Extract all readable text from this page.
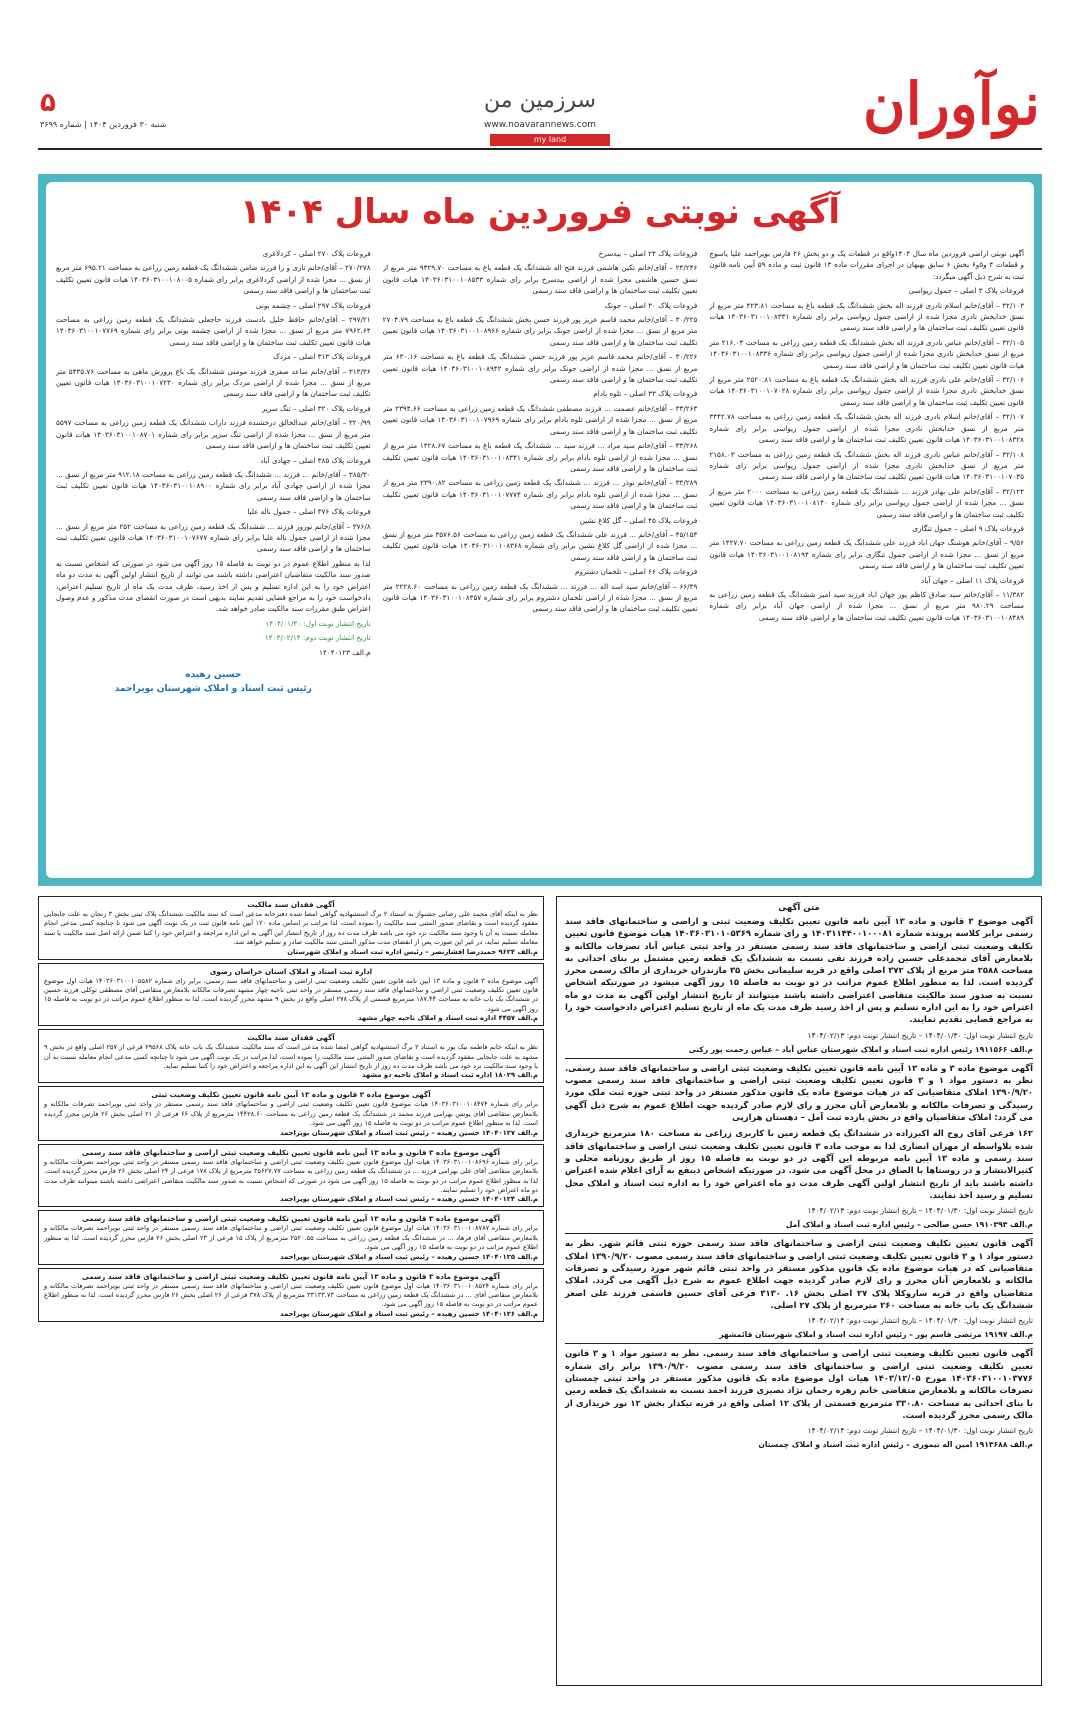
نوآوران
سرزمین من
www.noavarannews.com
my land
۵
شنبه ۳۰ فروردین ۱۴۰۴ | شماره ۳۶۹۹
آگهی نوبتی فروردین ماه سال ۱۴۰۴

آگهی نوبتی اراضی فروردین ماه سال ۱۴۰۴واقع در قطعات یک و دو بخش ۲۶ فارس بویراحمد علیا یاسوج و قطعات ۴ و۵و۶ بخش ۶ سابق بهبهان در اجرای مقررات ماده ۱۳ قانون ثبت و ماده ۵۹ آیین نامه قانون ثبت به شرح ذیل آگهی میگردد:

فروعات پلاک ۳ اصلی – جمول ریواسی

۳۲/۱۰۳ – آقای/خانم اسلام نادری فرزند اله بخش ششدانگ یک قطعه باغ به مساحت ۴۲۳.۸۱ متر مربع از نسق خدابخش نادری مجزا شده از اراضی جمول ریواسی برابر رای شماره ۱۴۰۳۶۰۳۱۰۰۱۰۸۳۳۱ هیات قانون تعیین تکلیف ثبت ساختمان ها و اراضی فاقد سند رسمی

۳۲/۱۰۵ – آقای/خانم عباس نادری فرزند اله بخش ششدانگ یک قطعه زمین زراعی به مساحت ۲۱۶.۰۴ متر مربع از نسق خدابخش نادری مجزا شده از اراضی جمول ریواسی برابر رای شماره ۱۴۰۳۶۰۳۱۰۰۱۰۸۳۳۶ هیات قانون تعیین تکلیف ثبت ساختمان ها و اراضی فاقد سند رسمی

۳۲/۱۰۶ – آقای/خانم علی نادری فرزند اله بخش ششدانگ یک قطعه باغ به مساحت ۲۵۲۰.۸۱ متر مربع از نسق خدابخش نادری مجزا شده از اراضی جمول ریواسی برابر رای شماره ۱۴۰۳۶۰۳۱۰۰۱۰۷۰۲۸ هیات قانون تعیین تکلیف ثبت ساختمان ها و اراضی فاقد سند رسمی

۳۲/۱۰۷ – آقای/خانم اسلام نادری فرزند اله بخش ششدانگ یک قطعه زمین زراعی به مساحت ۳۴۴۲.۷۸ متر مربع از نسق خدابخش نادری مجزا شده از اراضی جمول ریواسی برابر رای شماره ۱۴۰۳۶۰۳۱۰۰۱۰۸۳۲۸ هیات قانون تعیین تکلیف ثبت ساختمان ها و اراضی فاقد سند رسمی

۳۲/۱۰۸ – آقای/خانم عباس نادری فرزند اله بخش ششدانگ یک قطعه زمین زراعی به مساحت ۲۱۵۸.۰۳ متر مربع از نسق خدابخش نادری مجزا شده از اراضی جمول ریواسی برابر رای شماره ۱۴۰۳۶۰۳۱۰۰۱۰۷۰۳۵ هیات قانون تعیین تکلیف ثبت ساختمان ها و اراضی فاقد سند رسمی

۳۲/۱۲۴ – آقای/خانم علی بهادر فرزند ... ششدانگ یک قطعه زمین زراعی به مساحت ۲۰۰۰ متر مربع از نسق ... مجزا شده از اراضی جمول ریواسی برابر رای شماره ۱۴۰۳۶۰۳۱۰۰۱۰۸۱۴۰ هیات قانون تعیین تکلیف ثبت ساختمان ها و اراضی فاقد سند رسمی

فروعات پلاک ۹ اصلی – جمول تنگاری

۹/۵۶ – آقای/خانم هوشنگ جهان اباد فرزند علی ششدانگ یک قطعه زمین زراعی به مساحت ۱۴۲۷.۷۰ متر مربع از نسق ... مجزا شده از اراضی جمول تنگاری برابر رای شماره ۱۴۰۳۶۰۳۱۰۰۱۰۸۱۹۴ هیات قانون تعیین تکلیف ثبت ساختمان ها و اراضی فاقد سند رسمی

فروعات پلاک ۱۱ اصلی – جهان آباد

۱۱/۳۸۲ – آقای/خانم سید صادق کاظم پور جهان اباد فرزند سید امیر ششدانگ یک قطعه زمین زراعی به مساحت ۹۸۰.۲۹ متر مربع از نسق ... مجزا شده از اراضی جهان آباد برابر رای شماره ۱۴۰۳۶۰۳۱۰۰۱۰۸۴۸۹ هیات قانون تعیین تکلیف ثبت ساختمان ها و اراضی فاقد سند رسمی

فروعات پلاک ۲۴ اصلی – بیدسرخ

۲۴/۲۴۶ – آقای/خانم تکین هاشمی فرزند فتح اله ششدانگ یک قطعه باغ به مساحت ۹۴۲۹.۷۰ متر مربع از نسق حسین هاشمی مجزا شده از اراضی بیدسرخ برابر رای شماره ۱۴۰۳۶۰۳۱۰۰۱۰۸۵۳۳ هیات قانون تعیین تکلیف ثبت ساختمان ها و اراضی فاقد سند رسمی

فروعات پلاک ۳۰ اصلی – جونک

۳۰/۲۲۵ – آقای/خانم محمد قاسم عزیز پور فرزند حسن بخش ششدانگ یک قطعه باغ به مساحت ۲۷۰۴.۷۹ متر مربع از نسق ... مجزا شده از اراضی جونک برابر رای شماره ۱۴۰۳۶۰۳۱۰۰۱۰۸۹۶۶ هیات قانون تعیین تکلیف ثبت ساختمان ها و اراضی فاقد سند رسمی

۳۰/۲۲۶ – آقای/خانم محمد قاسم عزیز پور فرزند حسن ششدانگ یک قطعه باغ به مساحت ۶۳۰.۱۶ متر مربع از نسق ... مجزا شده از اراضی جونک برابر رای شماره ۱۴۰۳۶۰۳۱۰۰۱۰۸۹۴۲ هیات قانون تعیین تکلیف ثبت ساختمان ها و اراضی فاقد سند رسمی

فروعات پلاک ۳۳ اصلی – تلوه بادام

۳۳/۲۶۳ – آقای/خانم عصمت ... فرزند مصطفی ششدانگ یک قطعه زمین زراعی به مساحت ۲۳۹۴.۶۶ متر مربع از نسق ... مجزا شده از اراضی تلوه بادام برابر رای شماره ۱۴۰۳۶۰۳۱۰۰۱۰۷۹۶۹ هیات قانون تعیین تکلیف ثبت ساختمان ها و اراضی فاقد سند رسمی

۳۳/۲۶۸ – آقای/خانم سید مراد ... فرزند سید ... ششدانگ یک قطعه باغ به مساحت ۱۴۲۸.۶۷ متر مربع از نسق ... مجزا شده از اراضی تلوه بادام برابر رای شماره ۱۴۰۳۶۰۳۱۰۰۱۰۸۳۴۱ هیات قانون تعیین تکلیف ثبت ساختمان ها و اراضی فاقد سند رسمی

۳۳/۲۸۹ – آقای/خانم نوذر ... فرزند ... ششدانگ یک قطعه زمین زراعی به مساحت ۲۳۹۰.۸۲ متر مربع از نسق ... مجزا شده از اراضی تلوه بادام برابر رای شماره ۱۴۰۳۶۰۳۱۰۰۱۰۷۷۷۴ هیات قانون تعیین تکلیف ثبت ساختمان ها و اراضی فاقد سند رسمی

فروعات پلاک ۴۵ اصلی – گل کلاغ نشین

۴۵/۱۵۳ – آقای/خانم ... فرزند علی ششدانگ یک قطعه زمین زراعی به مساحت ۳۵۷۶.۵۶ متر مربع از نسق ... مجزا شده از اراضی گل کلاغ نشین برابر رای شماره ۱۴۰۳۶۰۳۱۰۰۱۰۸۳۶۸ هیات قانون تعیین تکلیف ثبت ساختمان ها و اراضی فاقد سند رسمی

فروعات پلاک ۶۶ اصلی – تلخمان دشتروم

۶۶/۴۹ – آقای/خانم سید اسد اله ... فرزند ... ششدانگ یک قطعه زمین زراعی به مساحت ۲۲۲۸.۶۰ متر مربع از نسق ... مجزا شده از اراضی تلخمان دشتروم برابر رای شماره ۱۴۰۳۶۰۳۱۰۰۱۰۸۳۵۷ هیات قانون تعیین تکلیف ثبت ساختمان ها و اراضی فاقد سند رسمی

فروعات پلاک ۲۷۰ اصلی – کردلاغری

۲۷۰/۲۷۸ – آقای/خانم نازی و زا فرزند ضامن ششدانگ یک قطعه زمین زراعی به مساحت ۶۹۵.۲۱ متر مربع از نسق ... مجزا شده از اراضی کردلاغری برابر رای شماره ۱۴۰۳۶۰۳۱۰۰۱۰۸۰۰۵ هیات قانون تعیین تکلیف ثبت ساختمان ها و اراضی فاقد سند رسمی

فروعات پلاک ۲۹۷ اصلی – چشمه بونی

۲۹۷/۲۱ – آقای/خانم حافظ خلیل بادست فرزند حاجعلی ششدانگ یک قطعه زمین زراعی به مساحت ۷۹۶۲.۶۴ متر مربع از نسق ... مجزا شده از اراضی چشمه بونی برابر رای شماره ۱۴۰۳۶۰۳۱۰۰۱۰۷۷۶۹ هیات قانون تعیین تکلیف ثبت ساختمان ها و اراضی فاقد سند رسمی

فروعات پلاک ۳۱۳ اصلی – مزدک

۳۱۳/۳۶ – آقای/خانم ساعد صفری فرزند مومنی ششدانگ یک باغ پرورش ماهی به مساحت ۵۴۳۵.۷۶ متر مربع از نسق ... مجزا شده از اراضی مزدک برابر رای شماره ۱۴۰۳۶۰۳۱۰۰۱۰۷۲۳۰ هیات قانون تعیین تکلیف ثبت ساختمان ها و اراضی فاقد سند رسمی

فروعات پلاک ۳۲۰ اصلی – تنگ سرپر

۳۲۰/۹۹ – آقای/خانم عبدالخالق درخشنده فرزند داراب ششدانگ یک قطعه زمین زراعی به مساحت ۵۵۹۷ متر مربع از نسق ... مجزا شده از اراضی تنگ سرپر برابر رای شماره ۱۴۰۳۶۰۳۱۰۰۱۰۸۷۰۱ هیات قانون تعیین تکلیف ثبت ساختمان ها و اراضی فاقد سند رسمی

فروعات پلاک ۳۸۵ اصلی – جهادی آباد

۳۸۵/۳۰ – آقای/خانم ... فرزند ... ششدانگ یک قطعه زمین زراعی به مساحت ۹۱۲.۱۸ متر مربع از نسق ... مجزا شده از اراضی جهادی آباد برابر رای شماره ۱۴۰۳۶۰۳۱۰۰۱۰۸۹۰۰ هیات قانون تعیین تکلیف ثبت ساختمان ها و اراضی فاقد سند رسمی

فروعات پلاک ۳۷۶ اصلی – جمول ناله علیا

۳۷۶/۸ – آقای/خانم نوروز فرزند ... ششدانگ یک قطعه زمین زراعی به مساحت ۲۵۲ متر مربع از نسق ... مجزا شده از اراضی جمول ناله علیا برابر رای شماره ۱۴۰۳۶۰۳۱۰۰۱۰۷۶۷۷ هیات قانون تعیین تکلیف ثبت ساختمان ها و اراضی فاقد سند رسمی

لذا به منظور اطلاع عموم در دو نوبت به فاصله ۱۵ روز آگهی می شود در صورتی که اشخاص نسبت به صدور سند مالکیت متقاضیان اعتراضی داشته باشند می توانند از تاریخ انتشار اولین آگهی به مدت دو ماه اعتراض خود را به این اداره تسلیم و پس از اخذ رسید، ظرف مدت یک ماه از تاریخ تسلیم اعتراض، دادخواست خود را به مراجع قضایی تقدیم نمایند بدیهی است در صورت انقضای مدت مذکور و عدم وصول اعتراض طبق مقررات سند مالکیت صادر خواهد شد.

تاریخ انتشار نوبت اول: ۱۴۰۴/۰۱/۳۰

تاریخ انتشار نوبت دوم: ۱۴۰۴/۰۲/۱۴

م.الف ۱۴۰۴۰۱۲۳

حسین رهیده
رئیس ثبت اسناد و املاک شهرستان بویراحمد
متن آگهی
آگهی موضوع ۳ قانون و ماده ۱۳ آیین نامه قانون تعیین تکلیف وضعیت ثبتی و اراضی و ساختمانهای فاقد سند رسمی برابر کلاسه پرونده شماره ۱۴۰۳۱۱۴۴۰۰۱۰۰۰۸۱ و رای شماره ۱۴۰۳۶۰۳۱۰۱۰۵۳۶۹ هیات موضوع قانون تعیین تکلیف وضعیت ثبتی اراضی و ساختمانهای فاقد سند رسمی مستقر در واحد ثبتی عباس آباد تصرفات مالکانه و بلامعارض آقای محمدعلی حسین زاده فرزند تقی نسبت به ششدانگ یک قطعه زمین مشتمل بر بنای احداثی به مساحت ۲۵۸۸ متر مربع از پلاک ۳۷۲ اصلی واقع در قریه سلیمانی بخش ۳۵ مازندران خریداری از مالک رسمی محرز گردیده است. لذا به منظور اطلاع عموم مراتب در دو نوبت به فاصله ۱۵ روز آگهی میشود در صورتیکه اشخاص نسبت به صدور سند مالکیت متقاضی اعتراضی داشته باشند میتوانند از تاریخ انتشار اولین آگهی به مدت دو ماه اعتراض خود را به این اداره تسلیم و پس از اخذ رسید ظرف مدت یک ماه از تاریخ تسلیم اعتراض دادخواست خود را به مراجع قضایی تقدیم نمایند.
تاریخ انتشار نوبت اول: ۱۴۰۴/۰۱/۳۰ – تاریخ انتشار نوبت دوم: ۱۴۰۴/۰۲/۱۳
م.الف ۱۹۱۱۵۶۶ رئیس اداره ثبت اسناد و املاک شهرستان عباس آباد – عباس رحمت پور رکنی
آگهی موضوع ماده ۳ و ماده ۱۳ آیین نامه قانون تعیین تکلیف وضعیت ثبتی اراضی و ساختمانهای فاقد سند رسمی. نظر به دستور مواد ۱ و ۳ قانون تعیین تکلیف وضعیت ثبتی اراضی و ساختمانهای فاقد سند رسمی مصوب ۱۳۹۰/۹/۲۰ املاک متقاضیانی که در هیات موضوع ماده یک قانون مذکور مستقر در واحد ثبتی حوزه ثبت ملک مورد رسیدگی و تصرفات مالکانه و بلامعارض آنان محرز و رای لازم صادر گردیده جهت اطلاع عموم به شرح ذیل آگهی می گردد: املاک متقاضیان واقع در بخش یازده ثبت آمل – دهستان هرازپی
۱۶۲ فرعی آقای روح اله اکبرزاده در ششدانگ یک قطعه زمین با کاربری زراعی به مساحت ۱۸۰ مترمربع خریداری شده بلاواسطه از مهران انصاری لذا به موجب ماده ۳ قانون تعیین تکلیف وضعیت ثبتی اراضی و ساختمانهای فاقد سند رسمی و ماده ۱۳ آیین نامه مربوطه این آگهی در دو نوبت به فاصله ۱۵ روز از طریق روزنامه محلی و کثیرالانتشار و در روستاها با الصاق در محل آگهی می شود. در صورتیکه اشخاص ذینفع به آرای اعلام شده اعتراض داشته باشند باید از تاریخ انتشار اولین آگهی ظرف مدت دو ماه اعتراض خود را به اداره ثبت اسناد و املاک محل تسلیم و رسید اخذ نمایند.
تاریخ انتشار نوبت اول: ۱۴۰۴/۰۱/۳۰ – تاریخ انتشار نوبت دوم: ۱۴۰۴/۰۲/۱۳
م.الف ۱۹۱۰۳۹۳ حسن صالحی – رئیس اداره ثبت اسناد و املاک آمل
آگهی قانون تعیین تکلیف وضعیت ثبتی اراضی و ساختمانهای فاقد سند رسمی حوزه ثبتی قائم شهر. نظر به دستور مواد ۱ و ۳ قانون تعیین تکلیف وضعیت ثبتی اراضی و ساختمانهای فاقد سند رسمی مصوب ۱۳۹۰/۹/۲۰ املاک متقاضیانی که در هیات موضوع ماده یک قانون مذکور مستقر در واحد ثبتی قائم شهر مورد رسیدگی و تصرفات مالکانه و بلامعارض آنان محرز و رای لازم صادر گردیده جهت اطلاع عموم به شرح ذیل آگهی می گردد. املاک متقاضیان واقع در قریه ساروکلا پلاک ۲۷ اصلی بخش ۱۶. ۳۱۳۰ فرعی آقای حسین قاسمی فرزند علی اصغر ششدانگ یک باب خانه به مساحت ۲۶۰ مترمربع از پلاک ۲۷ اصلی.
تاریخ انتشار نوبت اول: ۱۴۰۴/۰۱/۳۰ – تاریخ انتشار نوبت دوم: ۱۴۰۴/۰۲/۱۴
م.الف ۱۹۱۹۷ مرتضی قاسم پور – رئیس اداره ثبت اسناد و املاک شهرستان قائمشهر
آگهی قانون تعیین تکلیف وضعیت ثبتی اراضی و ساختمانهای فاقد سند رسمی. نظر به دستور مواد ۱ و ۳ قانون تعیین تکلیف وضعیت ثبتی اراضی و ساختمانهای فاقد سند رسمی مصوب ۱۳۹۰/۹/۲۰ برابر رای شماره ۱۴۰۳۶۰۳۱۰۰۱۰۳۷۷۶ مورخ ۱۴۰۳/۱۲/۰۵ هیات اول موضوع ماده یک قانون مذکور مستقر در واحد ثبتی چمستان تصرفات مالکانه و بلامعارض متقاضی خانم زهره رحمان نژاد نصیری فرزند احمد نسبت به ششدانگ یک قطعه زمین با بنای احداثی به مساحت ۳۳۰.۸۰ مترمربع قسمتی از پلاک ۱۲ اصلی واقع در قریه تیکدار بخش ۱۲ نور خریداری از مالک رسمی محرز گردیده است.
تاریخ انتشار نوبت اول: ۱۴۰۴/۰۱/۳۰ – تاریخ انتشار نوبت دوم: ۱۴۰۴/۰۲/۱۴
م.الف ۱۹۱۳۶۸۸ امین اله تیموری – رئیس اداره ثبت اسناد و املاک چمستان
آگهی فقدان سند مالکیت
نظر به اینکه آقای محمد علی رضایی جشنواژ به استناد ۲ برگ استشهادیه گواهی امضا شده دفترخانه مدعی است که سند مالکیت ششدانگ پلاک ثبتی بخش ۳ زنجان به علت جابجایی مفقود گردیده است و تقاضای صدور المثنی سند مالکیت را نموده است، لذا مراتب بر اساس ماده ۱۲۰ آیین نامه قانون ثبت در یک نوبت آگهی می شود تا چنانچه کسی مدعی انجام معامله نسبت به آن یا وجود سند مالکیت نزد خود می باشد ظرف مدت ده روز از تاریخ انتشار این آگهی به این اداره مراجعه و اعتراض خود را کتبا ضمن ارائه اصل سند مالکیت یا سند معامله تسلیم نماید، در غیر این صورت پس از انقضای مدت مذکور المثنی سند مالکیت صادر و تسلیم خواهد شد.
م.الف ۹۶۲۴ حمیدرضا افشارنصر – رئیس اداره ثبت اسناد و املاک شهرستان
اداره ثبت اسناد و املاک استان خراسان رضوی
آگهی موضوع ماده ۳ قانون و ماده ۱۳ آیین نامه قانون تعیین تکلیف وضعیت ثبتی اراضی و ساختمانهای فاقد سند رسمی. برابر رای شماره ۱۴۰۳۶۰۳۱۰۰۱۰۵۵۸۲ هیات اول موضوع قانون تعیین تکلیف وضعیت ثبتی اراضی و ساختمانهای فاقد سند رسمی مستقر در واحد ثبتی ناحیه چهار مشهد تصرفات مالکانه بلامعارض متقاضی آقای مصطفی توکلی فرزند حسین در ششدانگ یک باب خانه به مساحت ۱۸۷.۴۴ مترمربع قسمتی از پلاک ۲۷۸ اصلی واقع در بخش ۹ مشهد محرز گردیده است. لذا به منظور اطلاع عموم مراتب در دو نوبت به فاصله ۱۵ روز آگهی می شود.
م.الف ۴۴۵۷ اداره ثبت اسناد و املاک ناحیه چهار مشهد
آگهی فقدان سند مالکیت
نظر به اینکه خانم فاطمه نیک پور به استناد ۲ برگ استشهادیه گواهی امضا شده مدعی است که سند مالکیت ششدانگ یک باب خانه پلاک ۲۹۵۶۸ فرعی از ۲۵۷ اصلی واقع در بخش ۹ مشهد به علت جابجایی مفقود گردیده است و تقاضای صدور المثنی سند مالکیت را نموده است، لذا مراتب در یک نوبت آگهی می شود تا چنانچه کسی مدعی انجام معامله نسبت به آن یا وجود سند مالکیت نزد خود می باشد ظرف مدت ده روز از تاریخ انتشار این آگهی به این اداره مراجعه و اعتراض خود را کتبا تسلیم نماید.
م.الف ۱۸۰۲۹ اداره ثبت اسناد و املاک ناحیه دو مشهد
آگهی موضوع ماده ۳ قانون و ماده ۱۳ آیین نامه قانون تعیین تکلیف وضعیت ثبتی
برابر رای شماره ۱۴۰۳۶۰۳۱۰۰۱۰۸۴۷۴ هیات موضوع قانون تعیین تکلیف وضعیت ثبتی اراضی و ساختمانهای فاقد سند رسمی مستقر در واحد ثبتی بویراحمد تصرفات مالکانه و بلامعارض متقاضی آقای یونس بهرامی فرزند محمد در ششدانگ یک قطعه زمین زراعی به مساحت ۱۴۴۲۸.۶۰ مترمربع از پلاک ۶۶ فرعی از ۲۱ اصلی بخش ۲۶ فارس محرز گردیده است. لذا به منظور اطلاع عموم مراتب در دو نوبت به فاصله ۱۵ روز آگهی می شود.
م.الف ۱۴۰۴۰۱۲۷ حسین رهیده – رئیس ثبت اسناد و املاک شهرستان بویراحمد
آگهی موضوع ماده ۳ قانون و ماده ۱۳ آیین نامه قانون تعیین تکلیف وضعیت ثبتی اراضی و ساختمانهای فاقد سند رسمی
برابر رای شماره ۱۴۰۳۶۰۳۱۰۰۱۰۸۶۹۶ هیات اول موضوع قانون تعیین تکلیف وضعیت ثبتی اراضی و ساختمانهای فاقد سند رسمی مستقر در واحد ثبتی بویراحمد تصرفات مالکانه و بلامعارض متقاضی آقای علی بهرامی فرزند ... در ششدانگ یک قطعه زمین زراعی به مساحت ۳۵۶۲۷.۷۷ مترمربع از پلاک ۱۷۸ فرعی از ۲۴ اصلی بخش ۲۶ فارس محرز گردیده است. لذا به منظور اطلاع عموم مراتب در دو نوبت به فاصله ۱۵ روز آگهی می شود در صورتی که اشخاص نسبت به صدور سند مالکیت متقاضی اعتراضی داشته باشند میتوانند ظرف مدت دو ماه اعتراض خود را تسلیم نمایند.
م.الف ۱۴۰۴۰۱۲۴ حسین رهیده – رئیس ثبت اسناد و املاک شهرستان بویراحمد
آگهی موضوع ماده ۳ قانون و ماده ۱۳ آیین نامه قانون تعیین تکلیف وضعیت ثبتی اراضی و ساختمانهای فاقد سند رسمی
برابر رای شماره ۱۴۰۳۶۰۳۱۰۰۱۰۸۷۸۷ هیات اول موضوع قانون تعیین تکلیف وضعیت ثبتی اراضی و ساختمانهای فاقد سند رسمی مستقر در واحد ثبتی بویراحمد تصرفات مالکانه و بلامعارض متقاضی آقای فرهاد ... در ششدانگ یک قطعه زمین زراعی به مساحت ۲۵۲۰.۵۵ مترمربع از پلاک ۱۵ فرعی از ۲۳ اصلی بخش ۲۶ فارس محرز گردیده است. لذا به منظور اطلاع عموم مراتب در دو نوبت به فاصله ۱۵ روز آگهی می شود.
م.الف ۱۴۰۴۰۱۲۵ حسین رهیده – رئیس ثبت اسناد و املاک شهرستان بویراحمد
آگهی موضوع ماده ۳ قانون و ماده ۱۳ آیین نامه قانون تعیین تکلیف وضعیت ثبتی اراضی و ساختمانهای فاقد سند رسمی
برابر رای شماره ۱۴۰۳۶۰۳۱۰۰۱۰۸۵۲۴ هیات اول موضوع قانون تعیین تکلیف وضعیت ثبتی اراضی و ساختمانهای فاقد سند رسمی مستقر در واحد ثبتی بویراحمد تصرفات مالکانه و بلامعارض متقاضی آقای ... در ششدانگ یک قطعه زمین زراعی به مساحت ۳۳۱۳۳.۷۳ مترمربع از پلاک ۳۷۸ فرعی از ۲۶ اصلی بخش ۲۶ فارس محرز گردیده است. لذا به منظور اطلاع عموم مراتب در دو نوبت به فاصله ۱۵ روز آگهی می شود.
م.الف ۱۴۰۴۰۱۲۶ حسین رهیده – رئیس ثبت اسناد و املاک شهرستان بویراحمد
